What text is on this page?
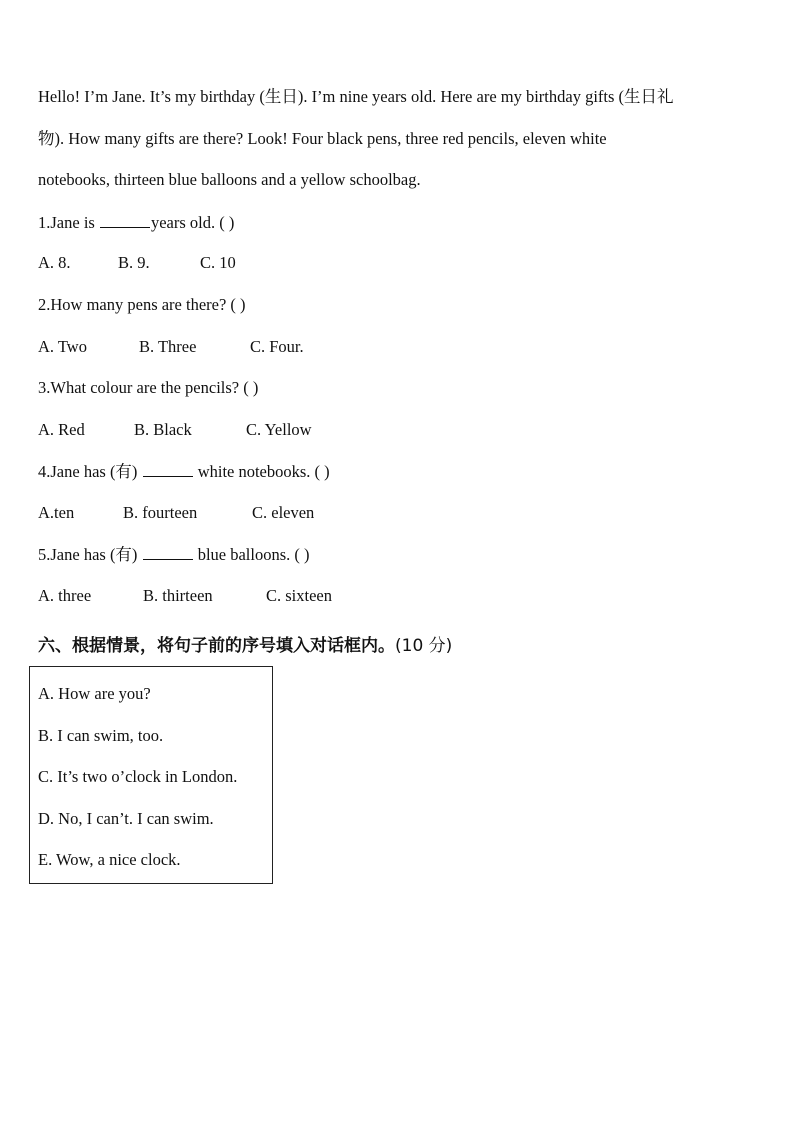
Hello! I’m Jane. It’s my birthday (生日). I’m nine years old. Here are my birthday gifts (生日礼
物). How many gifts are there? Look! Four black pens, three red pencils, eleven white
notebooks, thirteen blue balloons and a yellow schoolbag.
1.Jane is	years old. ( )
A. 8.	B. 9.	C. 10
2.How many pens are there? ( )
A. Two	B. Three	C. Four.
3.What colour are the pencils? ( )
A. Red	B. Black	C. Yellow
4.Jane has (有)	white notebooks. ( )
A.ten	B. fourteen	C. eleven
5.Jane has (有)	blue balloons. ( )
A. three	B. thirteen	C. sixteen
六、根据情景，将句子前的序号填入对话框内。(10 分)
A. How are you?
B. I can swim, too.
C. It’s two o’clock in London.
D. No, I can’t. I can swim.
E. Wow, a nice clock.
